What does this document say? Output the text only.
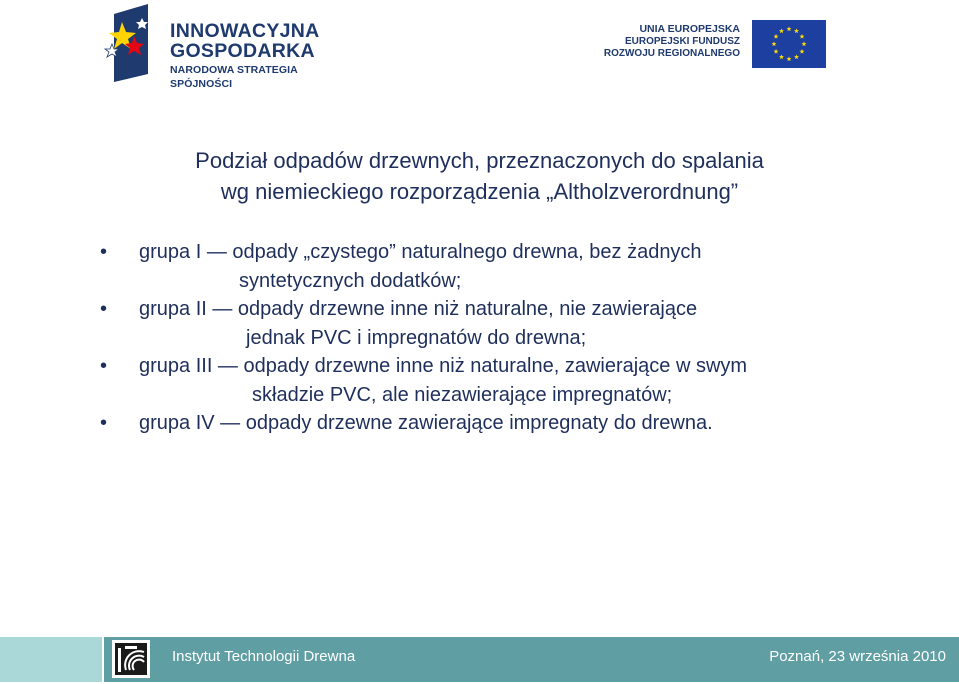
INNOWACYJNA
GOSPODARKA
NARODOWA STRATEGIA SPÓJNOŚCI
UNIA EUROPEJSKA
EUROPEJSKI FUNDUSZ
ROZWOJU REGIONALNEGO
Podział odpadów drzewnych, przeznaczonych do spalania
wg niemieckiego rozporządzenia „Altholzverordnung”
• grupa I — odpady „czystego” naturalnego drewna, bez żadnych
syntetycznych dodatków;
• grupa II — odpady drzewne inne niż naturalne, nie zawierające
jednak PVC i impregnatów do drewna;
• grupa III — odpady drzewne inne niż naturalne, zawierające w swym
składzie PVC, ale niezawierające impregnatów;
• grupa IV — odpady drzewne zawierające impregnaty do drewna.
Instytut Technologii Drewna	Poznań, 23 września 2010
